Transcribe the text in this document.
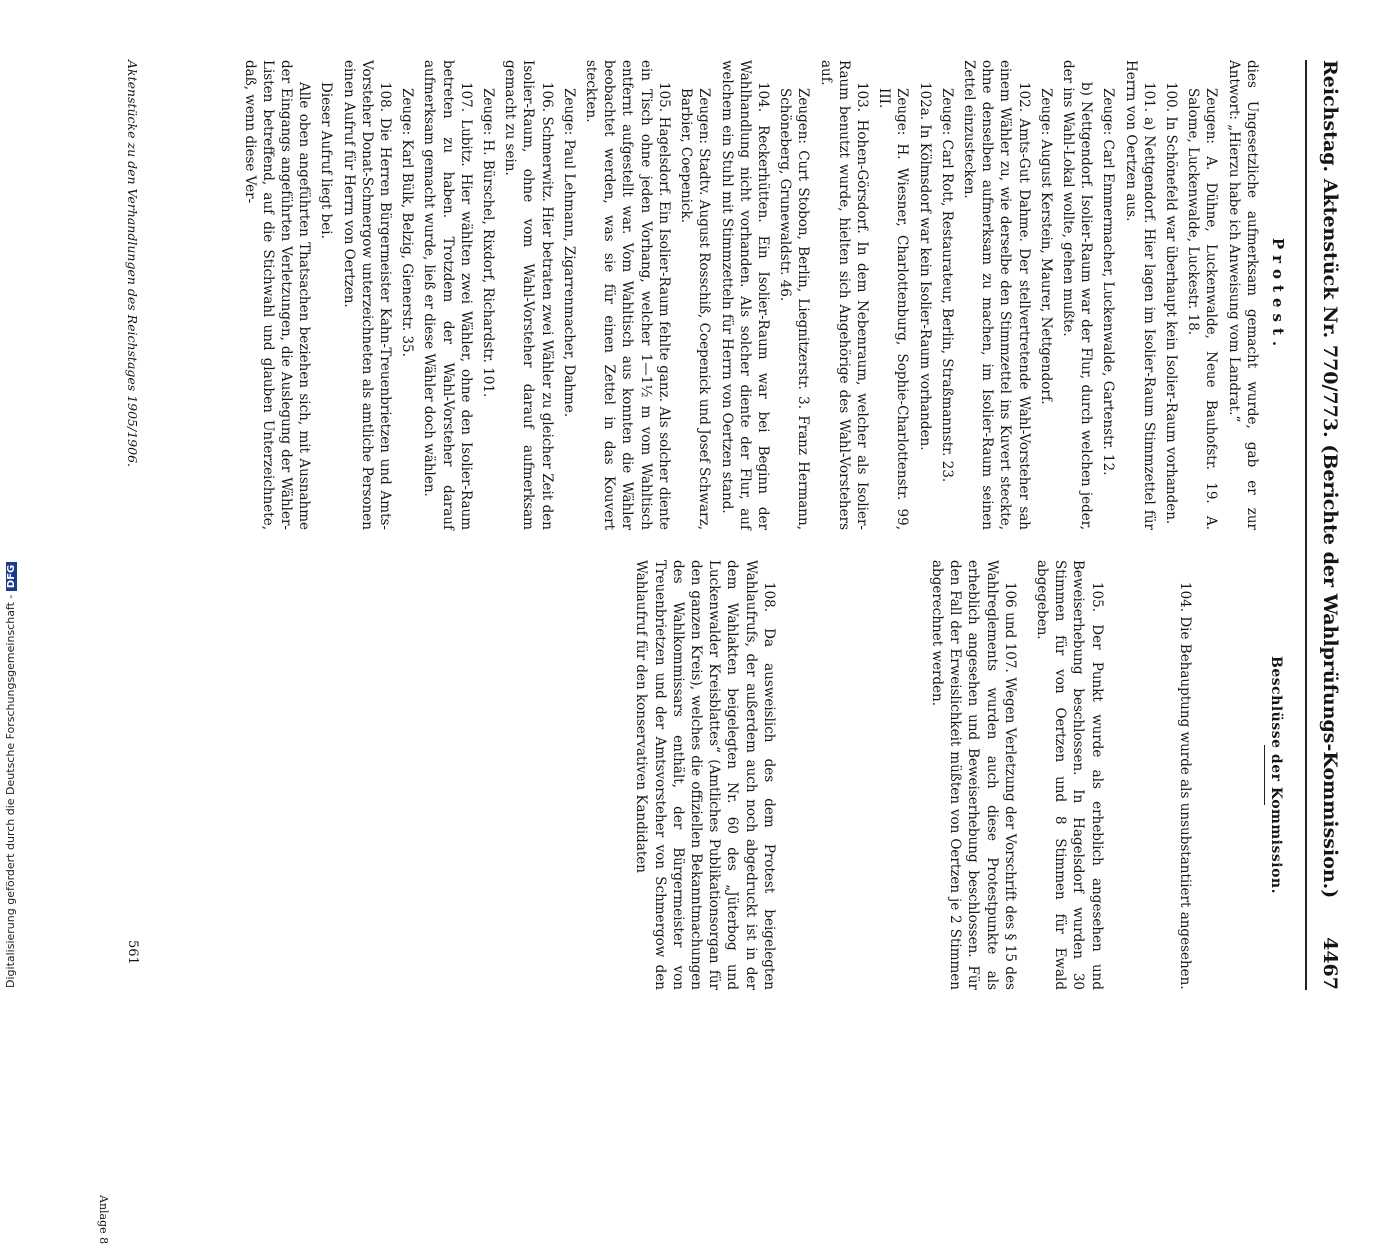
Reichstag. Aktenstück Nr. 770/773. (Berichte der Wahlprüfungs-Kommission.)
4467
Protest.

dies Ungesetzliche aufmerksam gemacht wurde, gab er zur Antwort: „Hierzu habe ich Anweisung vom Landrat.“

Zeugen: A. Dühne, Luckenwalde, Neue Bauhofstr. 19. A. Salome, Luckenwalde, Luckestr. 18.

100. In Schönefeld war überhaupt kein Isolier-Raum vorhanden.

101. a) Nettgendorf. Hier lagen im Isolier-Raum Stimmzettel für Herrn von Oertzen aus.

Zeuge: Carl Emmermacher, Luckenwalde, Gartenstr. 12.

b) Nettgendorf. Isolier-Raum war der Flur, durch welchen jeder, der ins Wahl-Lokal wollte, gehen mußte.

Zeuge: August Kerstein, Maurer, Nettgendorf.

102. Amts-Gut Dahme. Der stellvertretende Wahl-Vorsteher sah einem Wähler zu, wie derselbe den Stimmzettel ins Kuvert steckte, ohne denselben aufmerksam zu machen, im Isolier-Raum seinen Zettel einzustecken.

Zeuge: Carl Rott, Restaurateur, Berlin, Straßmannstr. 23.

102a. In Kölmsdorf war kein Isolier-Raum vorhanden.

Zeuge: H. Wiesner, Charlottenburg, Sophie-Charlottenstr. 99, III.

103. Hohen-Görsdorf. In dem Nebenraum, welcher als Isolier-Raum benutzt wurde, hielten sich Angehörige des Wahl-Vorstehers auf.

Zeugen: Curt Stobon, Berlin, Liegnitzerstr. 3. Franz Hermann, Schöneberg, Grunewaldstr. 46.

104. Reckerhütten. Ein Isolier-Raum war bei Beginn der Wahlhandlung nicht vorhanden. Als solcher diente der Flur, auf welchem ein Stuhl mit Stimmzetteln für Herrn von Oertzen stand.

Zeugen: Stadtv. August Rosschiß, Coepenick und Josef Schwarz, Barbier, Coepenick.

105. Hagelsdorf. Ein Isolier-Raum fehlte ganz. Als solcher diente ein Tisch ohne jeden Vorhang, welcher 1—1½ m vom Wahltisch entfernt aufgestellt war. Vom Wahltisch aus konnten die Wähler beobachtet werden, was sie für einen Zettel in das Kouvert steckten.

Zeuge: Paul Lehmann, Zigarrenmacher, Dahme.

106. Schmerwitz. Hier betraten zwei Wähler zu gleicher Zeit den Isolier-Raum, ohne vom Wahl-Vorsteher darauf aufmerksam gemacht zu sein.

Zeuge: H. Bürschel, Rixdorf, Richardstr. 101.

107. Lubitz. Hier wählten zwei Wähler, ohne den Isolier-Raum betreten zu haben. Trotzdem der Wahl-Vorsteher darauf aufmerksam gemacht wurde, ließ er diese Wähler doch wählen.

Zeuge: Karl Bülk, Belzig, Gienerstr. 35.

108. Die Herren Bürgermeister Kahn-Treuenbrietzen und Amts-Vorsteher Donat-Schmergow unterzeichneten als amtliche Personen einen Aufruf für Herrn von Oertzen.

Dieser Aufruf liegt bei.

Alle oben angeführten Thatsachen beziehen sich, mit Ausnahme der Eingangs angeführten Verletzungen, die Auslegung der Wähler-Listen betreffend, auf die Stichwahl und glauben Unterzeichnete, daß, wenn diese Ver-

Beschlüsse der Kommission.

104. Die Behauptung wurde als unsubstantiiert angesehen.

105. Der Punkt wurde als erheblich angesehen und Beweiserhebung beschlossen. In Hagelsdorf wurden 30 Stimmen für von Oertzen und 8 Stimmen für Ewald abgegeben.

106 und 107. Wegen Verletzung der Vorschrift des § 15 des Wahlreglements wurden auch diese Protestpunkte als erheblich angesehen und Beweiserhebung beschlossen. Für den Fall der Erweislichkeit müßten von Oertzen je 2 Stimmen abgerechnet werden.

108. Da ausweislich des dem Protest beigelegten Wahlaufrufs, der außerdem auch noch abgedruckt ist in der dem Wahlakten beigelegten Nr. 60 des „Jüterbog und Luckenwalder Kreisblattes“ (Amtliches Publikationsorgan für den ganzen Kreis), welches die offiziellen Bekanntmachungen des Wahlkommissars enthält, der Bürgermeister von Treuenbrietzen und der Amtsvorsteher von Schmergow den Wahlaufruf für den konservativen Kandidaten

Aktenstücke zu den Verhandlungen des Reichstages 1905/1906.
561
Anlage 8
Digitalisierung gefördert durch die Deutsche Forschungsgemeinschaft - DFG
